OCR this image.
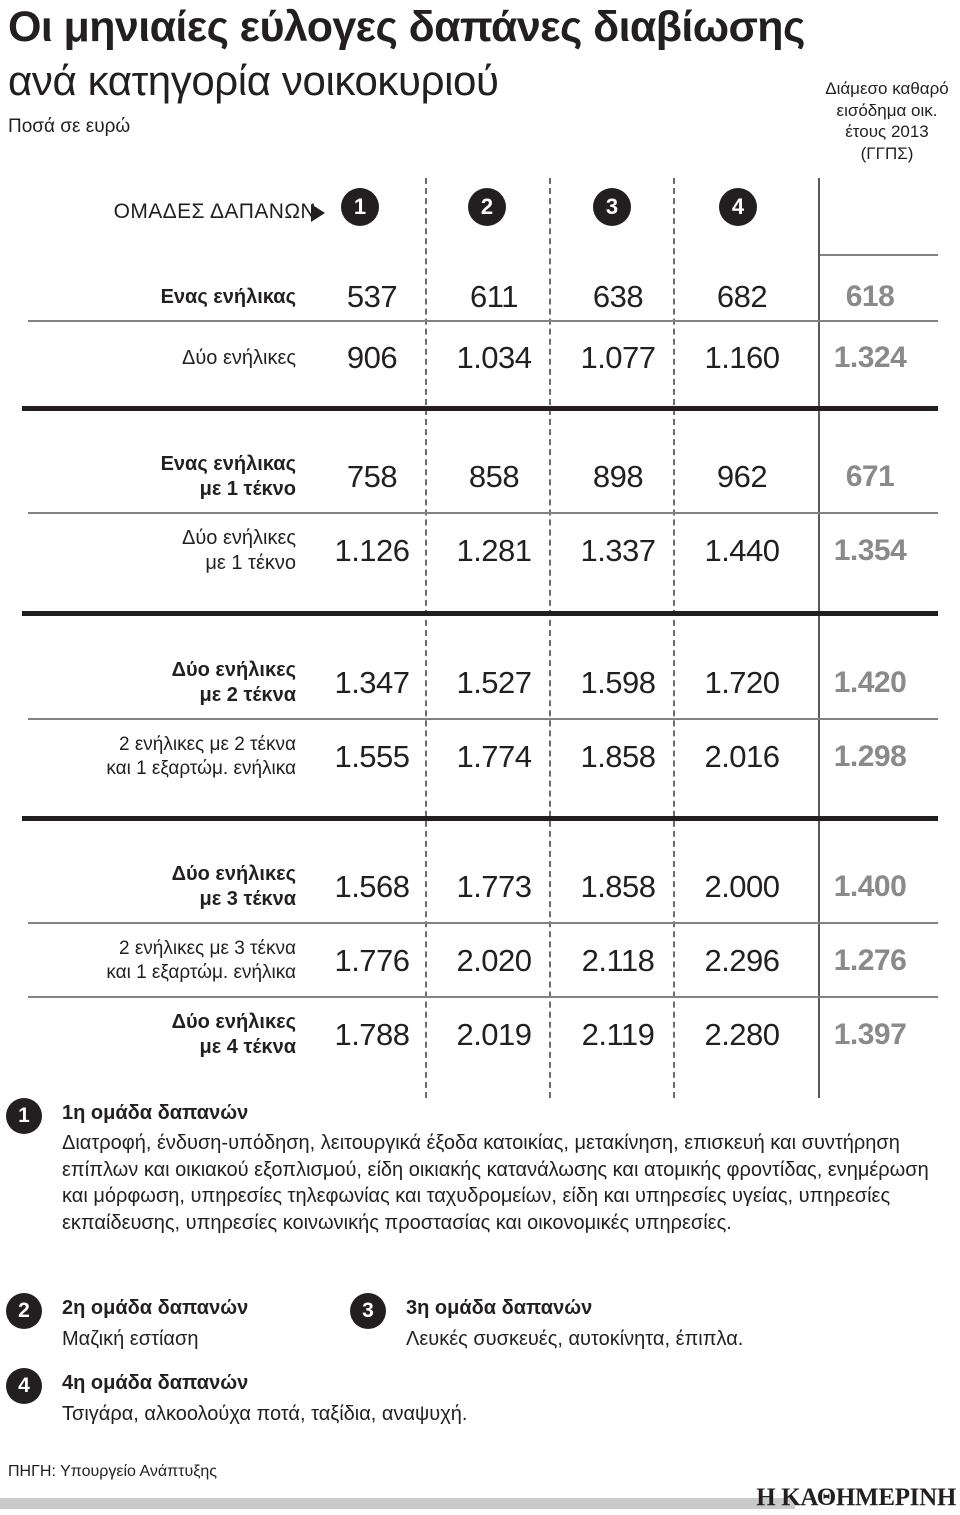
Οι μηνιαίες εύλογες δαπάνες διαβίωσης
ανά κατηγορία νοικοκυριού
Ποσά σε ευρώ
Διάμεσο καθαρό εισόδημα οικ. έτους 2013 (ΓΓΠΣ)
ΟΜΑΔΕΣ ΔΑΠΑΝΩΝ	1	2	3	4
Ενας ενήλικας	537	611	638	682	618
Δύο ενήλικες	906	1.034	1.077	1.160	1.324
Ενας ενήλικας
με 1 τέκνο	758	858	898	962	671
Δύο ενήλικες
με 1 τέκνο	1.126	1.281	1.337	1.440	1.354
Δύο ενήλικες
με 2 τέκνα	1.347	1.527	1.598	1.720	1.420
2 ενήλικες με 2 τέκνα
και 1 εξαρτώμ. ενήλικα	1.555	1.774	1.858	2.016	1.298
Δύο ενήλικες
με 3 τέκνα	1.568	1.773	1.858	2.000	1.400
2 ενήλικες με 3 τέκνα
και 1 εξαρτώμ. ενήλικα	1.776	2.020	2.118	2.296	1.276
Δύο ενήλικες
με 4 τέκνα	1.788	2.019	2.119	2.280	1.397
1	1η ομάδα δαπανών
Διατροφή, ένδυση-υπόδηση, λειτουργικά έξοδα κατοικίας, μετακίνηση, επισκευή και συντήρηση επίπλων και οικιακού εξοπλισμού, είδη οικιακής κατανάλωσης και ατομικής φροντίδας, ενημέρωση και μόρφωση, υπηρεσίες τηλεφωνίας και ταχυδρομείων, είδη και υπηρεσίες υγείας, υπηρεσίες εκπαίδευσης, υπηρεσίες κοινωνικής προστασίας και οικονομικές υπηρεσίες.
2	2η ομάδα δαπανών
Μαζική εστίαση
3	3η ομάδα δαπανών
Λευκές συσκευές, αυτοκίνητα, έπιπλα.
4	4η ομάδα δαπανών
Τσιγάρα, αλκοολούχα ποτά, ταξίδια, αναψυχή.
ΠΗΓΗ: Υπουργείο Ανάπτυξης
Η ΚΑΘΗΜΕΡΙΝΗ
